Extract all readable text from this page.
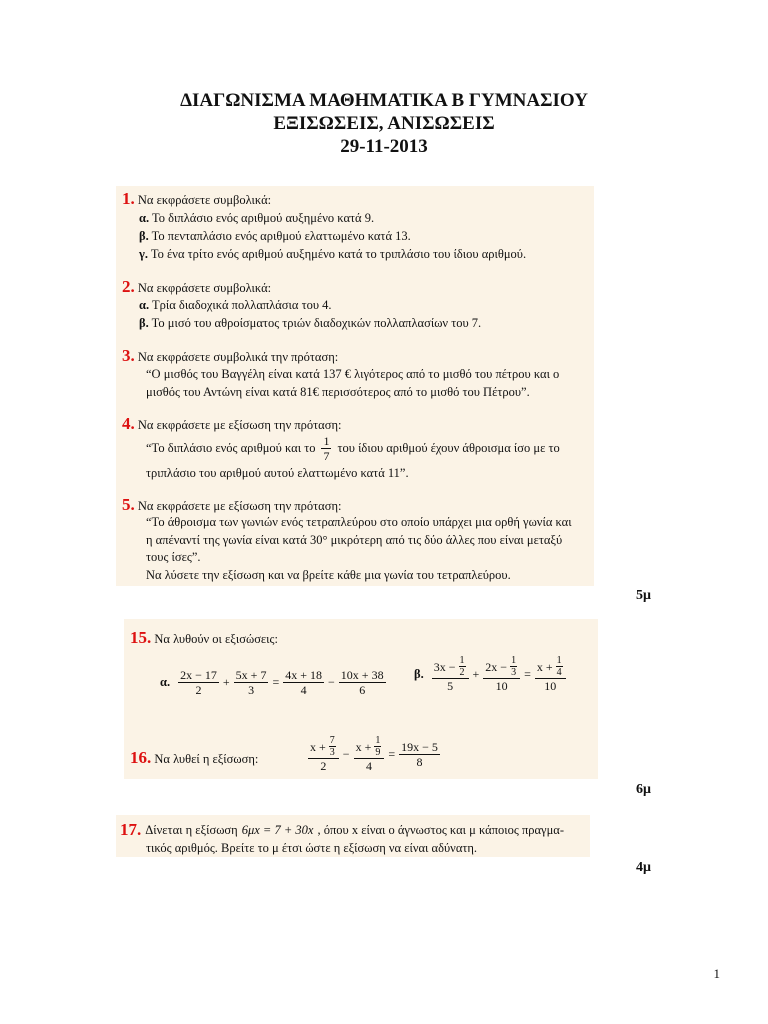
ΔΙΑΓΩΝΙΣΜΑ ΜΑΘΗΜΑΤΙΚΑ Β ΓΥΜΝΑΣΙΟΥ
ΕΞΙΣΩΣΕΙΣ, ΑΝΙΣΩΣΕΙΣ
29-11-2013
1. Να εκφράσετε συμβολικά:
α. Το διπλάσιο ενός αριθμού αυξημένο κατά 9.
β. Το πενταπλάσιο ενός αριθμού ελαττωμένο κατά 13.
γ. Το ένα τρίτο ενός αριθμού αυξημένο κατά το τριπλάσιο του ίδιου αριθμού.
2. Να εκφράσετε συμβολικά:
α. Τρία διαδοχικά πολλαπλάσια του 4.
β. Το μισό του αθροίσματος τριών διαδοχικών πολλαπλασίων του 7.
3. Να εκφράσετε συμβολικά την πρόταση:
“Ο μισθός του Βαγγέλη είναι κατά 137 € λιγότερος από το μισθό του πέτρου και ο
μισθός του Αντώνη είναι κατά 81€ περισσότερος από το μισθό του Πέτρου”.
4. Να εκφράσετε με εξίσωση την πρόταση:
“Το διπλάσιο ενός αριθμού και το $\frac{1}{7}$ του ίδιου αριθμού έχουν άθροισμα ίσο με το
τριπλάσιο του αριθμού αυτού ελαττωμένο κατά 11”.
5. Να εκφράσετε με εξίσωση την πρόταση:
“Το άθροισμα των γωνιών ενός τετραπλεύρου στο οποίο υπάρχει μια ορθή γωνία και
η απέναντί της γωνία είναι κατά 30° μικρότερη από τις δύο άλλες που είναι μεταξύ
τους ίσες”.
Να λύσετε την εξίσωση και να βρείτε κάθε μια γωνία του τετραπλεύρου.
5μ
15. Να λυθούν οι εξισώσεις:
α. $\frac{2x - 17}{2} + \frac{5x + 7}{3} = \frac{4x + 18}{4} - \frac{10x + 38}{6} \beta$. $\frac{3x - \frac{1}{2}}{5} + \frac{2x - \frac{1}{3}}{10} = \frac{x + \frac{1}{4}}{10}$
16. Να λυθεί η εξίσωση:	$\frac{x + \frac{7}{3}}{2} - \frac{x + \frac{1}{9}}{4} = \frac{19x - 5}{8}$
6μ
17. Δίνεται η εξίσωση 6μx = 7 + 30x , όπου x είναι ο άγνωστος και μ κάποιος πραγμα-
τικός αριθμός. Βρείτε το μ έτσι ώστε η εξίσωση να είναι αδύνατη.
4μ
1
